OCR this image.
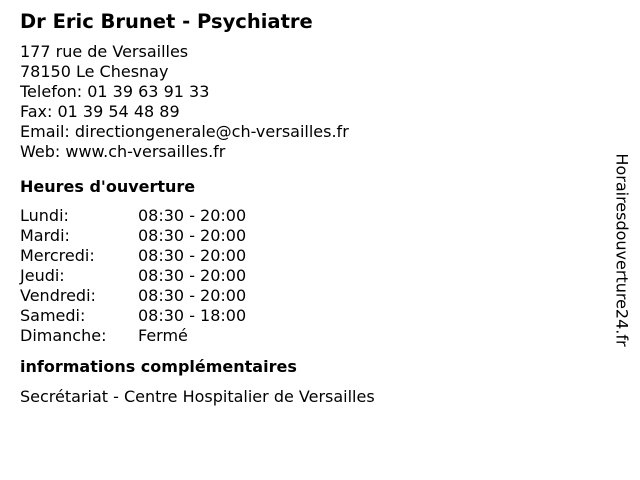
Dr Eric Brunet - Psychiatre
177 rue de Versailles
78150 Le Chesnay
Telefon: 01 39 63 91 33
Fax: 01 39 54 48 89
Email: directiongenerale@ch-versailles.fr
Web: www.ch-versailles.fr
Heures d'ouverture
Lundi:	08:30 - 20:00
Mardi:	08:30 - 20:00
Mercredi:	08:30 - 20:00
Jeudi:	08:30 - 20:00
Vendredi:	08:30 - 20:00
Samedi:	08:30 - 18:00
Dimanche:	Fermé
informations complémentaires
Secrétariat - Centre Hospitalier de Versailles
Horairesdouverture24.fr
